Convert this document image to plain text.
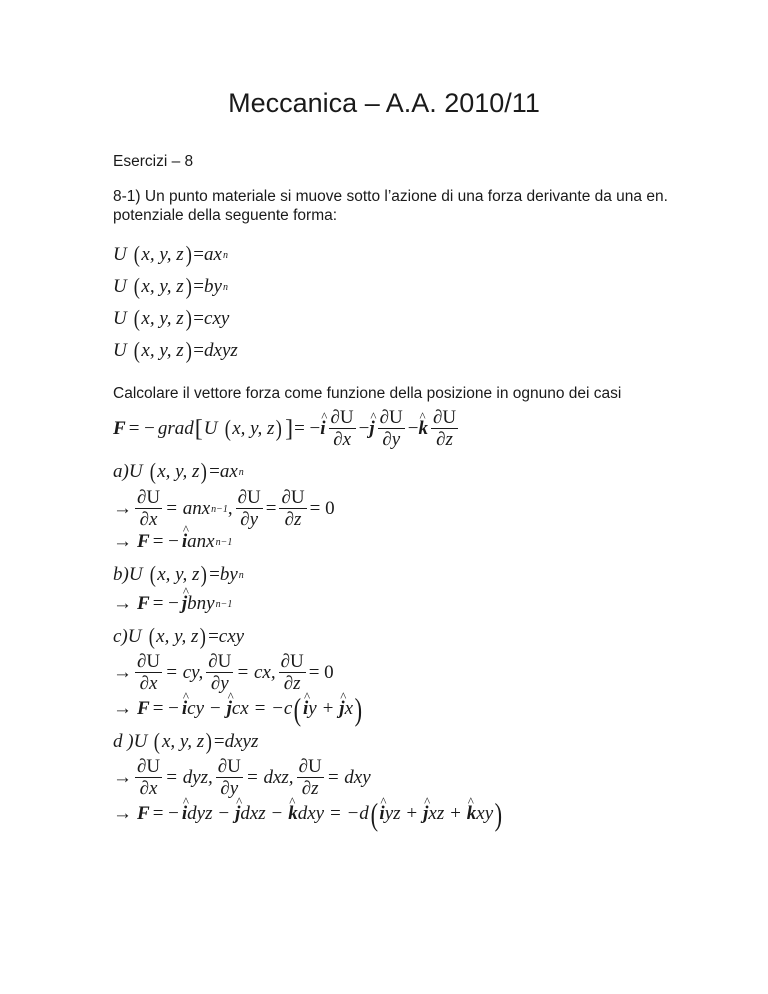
Meccanica – A.A. 2010/11
Esercizi – 8
8-1) Un punto materiale si muove sotto l’azione di una forza derivante da una en.
potenziale della seguente forma:
U ( x, y, z ) = ax n
U ( x, y, z ) = by n
U ( x, y, z ) = cxy
U ( x, y, z ) = dxyz
Calcolare il vettore forza come funzione della posizione in ognuno dei casi
F = − grad [ U ( x, y, z ) ] = − ^ i $\frac{\partial U}{\partial x}$ − ^ j $\frac{\partial U}{\partial y}$ − ^ k $\frac{\partial U}{\partial z}$
a) U ( x, y, z ) = ax n
→ $\frac{\partial U}{\partial x}$ = anx n−1 , $\frac{\partial U}{\partial y} = \frac{\partial U}{\partial z} = 0$
→ F = − ^ i anx n−1
b) U ( x, y, z ) = by n
→ F = − ^ j bny n−1
c) U ( x, y, z ) = cxy
→ $\frac{\partial U}{\partial x}$ = cy, $\frac{\partial U}{\partial y}$ = cx, $\frac{\partial U}{\partial z} = 0$
→ F = − ^ i cy − ^ j cx = −c ( ^ i y + ^ j x )
d ) U ( x, y, z ) = dxyz
→ $\frac{\partial U}{\partial x}$ = dyz, $\frac{\partial U}{\partial y}$ = dxz, $\frac{\partial U}{\partial z}$ = dxy
→ F = − ^ i dyz − ^ j dxz − ^ k dxy = −d ( ^ i yz + ^ j xz + ^ k xy )
